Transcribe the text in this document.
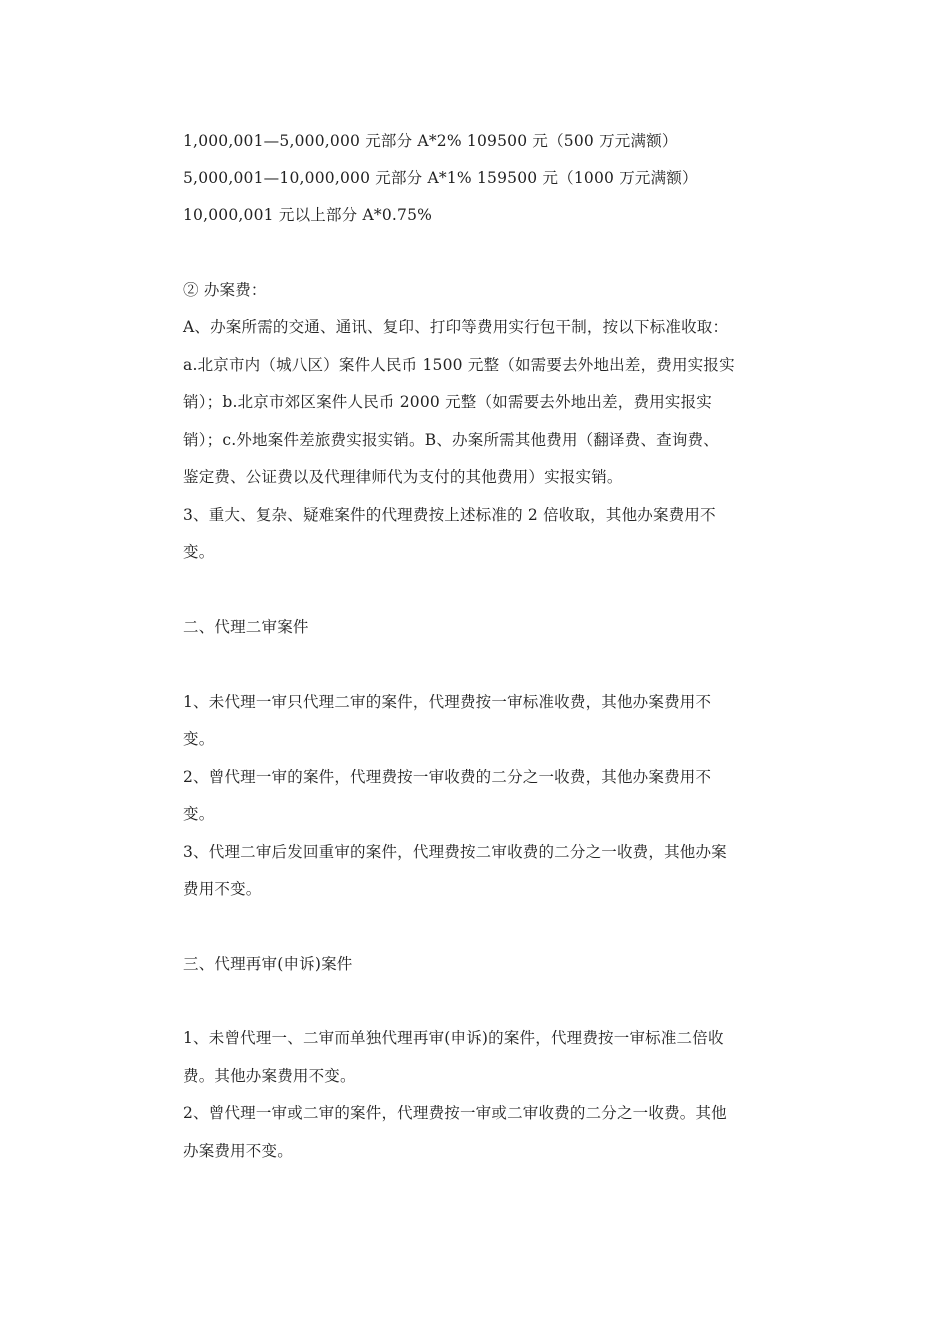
1,000,001—5,000,000 元部分 A*2% 109500 元（500 万元满额）
5,000,001—10,000,000 元部分 A*1% 159500 元（1000 万元满额）
10,000,001 元以上部分 A*0.75%
② 办案费：
A、办案所需的交通、通讯、复印、打印等费用实行包干制，按以下标准收取：
a.北京市内（城八区）案件人民币 1500 元整（如需要去外地出差，费用实报实
销）；b.北京市郊区案件人民币 2000 元整（如需要去外地出差，费用实报实
销）；c.外地案件差旅费实报实销。B、办案所需其他费用（翻译费、查询费、
鉴定费、公证费以及代理律师代为支付的其他费用）实报实销。
3、重大、复杂、疑难案件的代理费按上述标准的 2 倍收取，其他办案费用不
变。
二、代理二审案件
1、未代理一审只代理二审的案件，代理费按一审标准收费，其他办案费用不
变。
2、曾代理一审的案件，代理费按一审收费的二分之一收费，其他办案费用不
变。
3、代理二审后发回重审的案件，代理费按二审收费的二分之一收费，其他办案
费用不变。
三、代理再审(申诉)案件
1、未曾代理一、二审而单独代理再审(申诉)的案件，代理费按一审标准二倍收
费。其他办案费用不变。
2、曾代理一审或二审的案件，代理费按一审或二审收费的二分之一收费。其他
办案费用不变。
